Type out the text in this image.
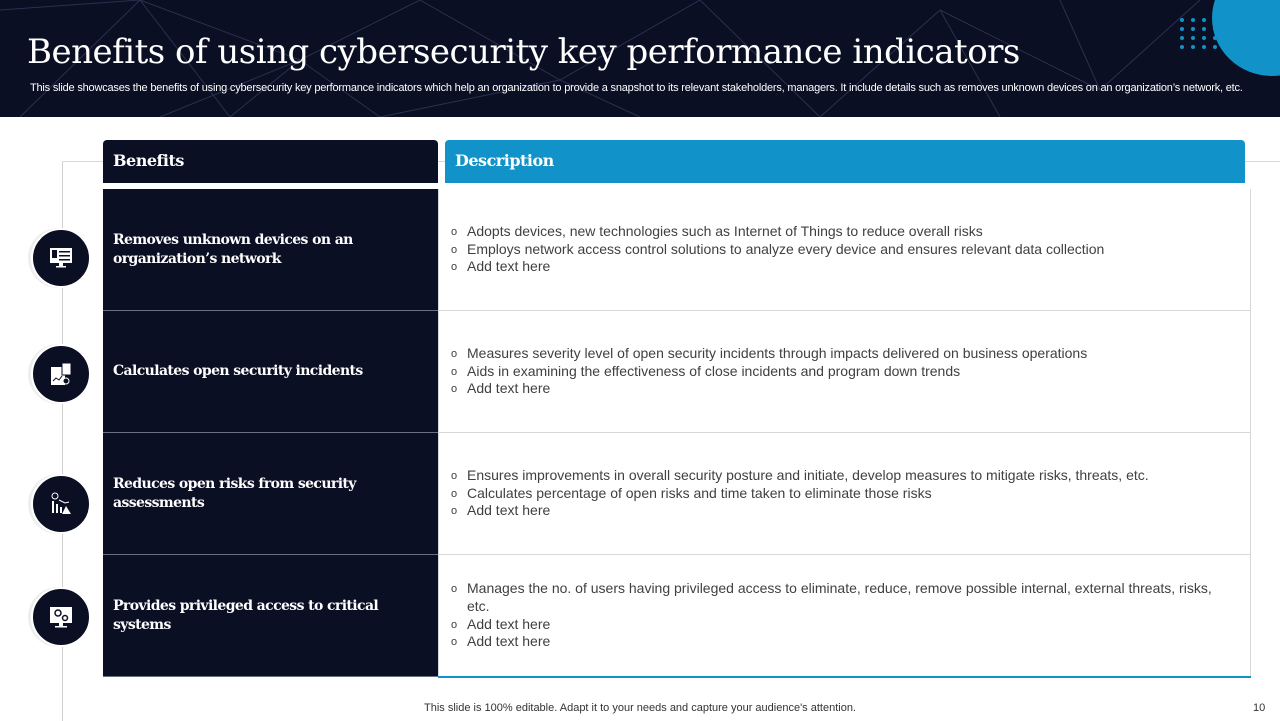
Benefits of using cybersecurity key performance indicators
This slide showcases the benefits of using cybersecurity key performance indicators which help an organization to provide a snapshot to its relevant stakeholders, managers. It include details such as removes unknown devices on an organization’s network, etc.
Benefits	Description
Removes unknown devices on an organization’s network
o Adopts devices, new technologies such as Internet of Things to reduce overall risks
o Employs network access control solutions to analyze every device and ensures relevant data collection
o Add text here
Calculates open security incidents
o Measures severity level of open security incidents through impacts delivered on business operations
o Aids in examining the effectiveness of close incidents and program down trends
o Add text here
Reduces open risks from security assessments
o Ensures improvements in overall security posture and initiate, develop measures to mitigate risks, threats, etc.
o Calculates percentage of open risks and time taken to eliminate those risks
o Add text here
Provides privileged access to critical systems
o Manages the no. of users having privileged access to eliminate, reduce, remove possible internal, external threats, risks, etc.
o Add text here
o Add text here
This slide is 100% editable. Adapt it to your needs and capture your audience's attention.	10
